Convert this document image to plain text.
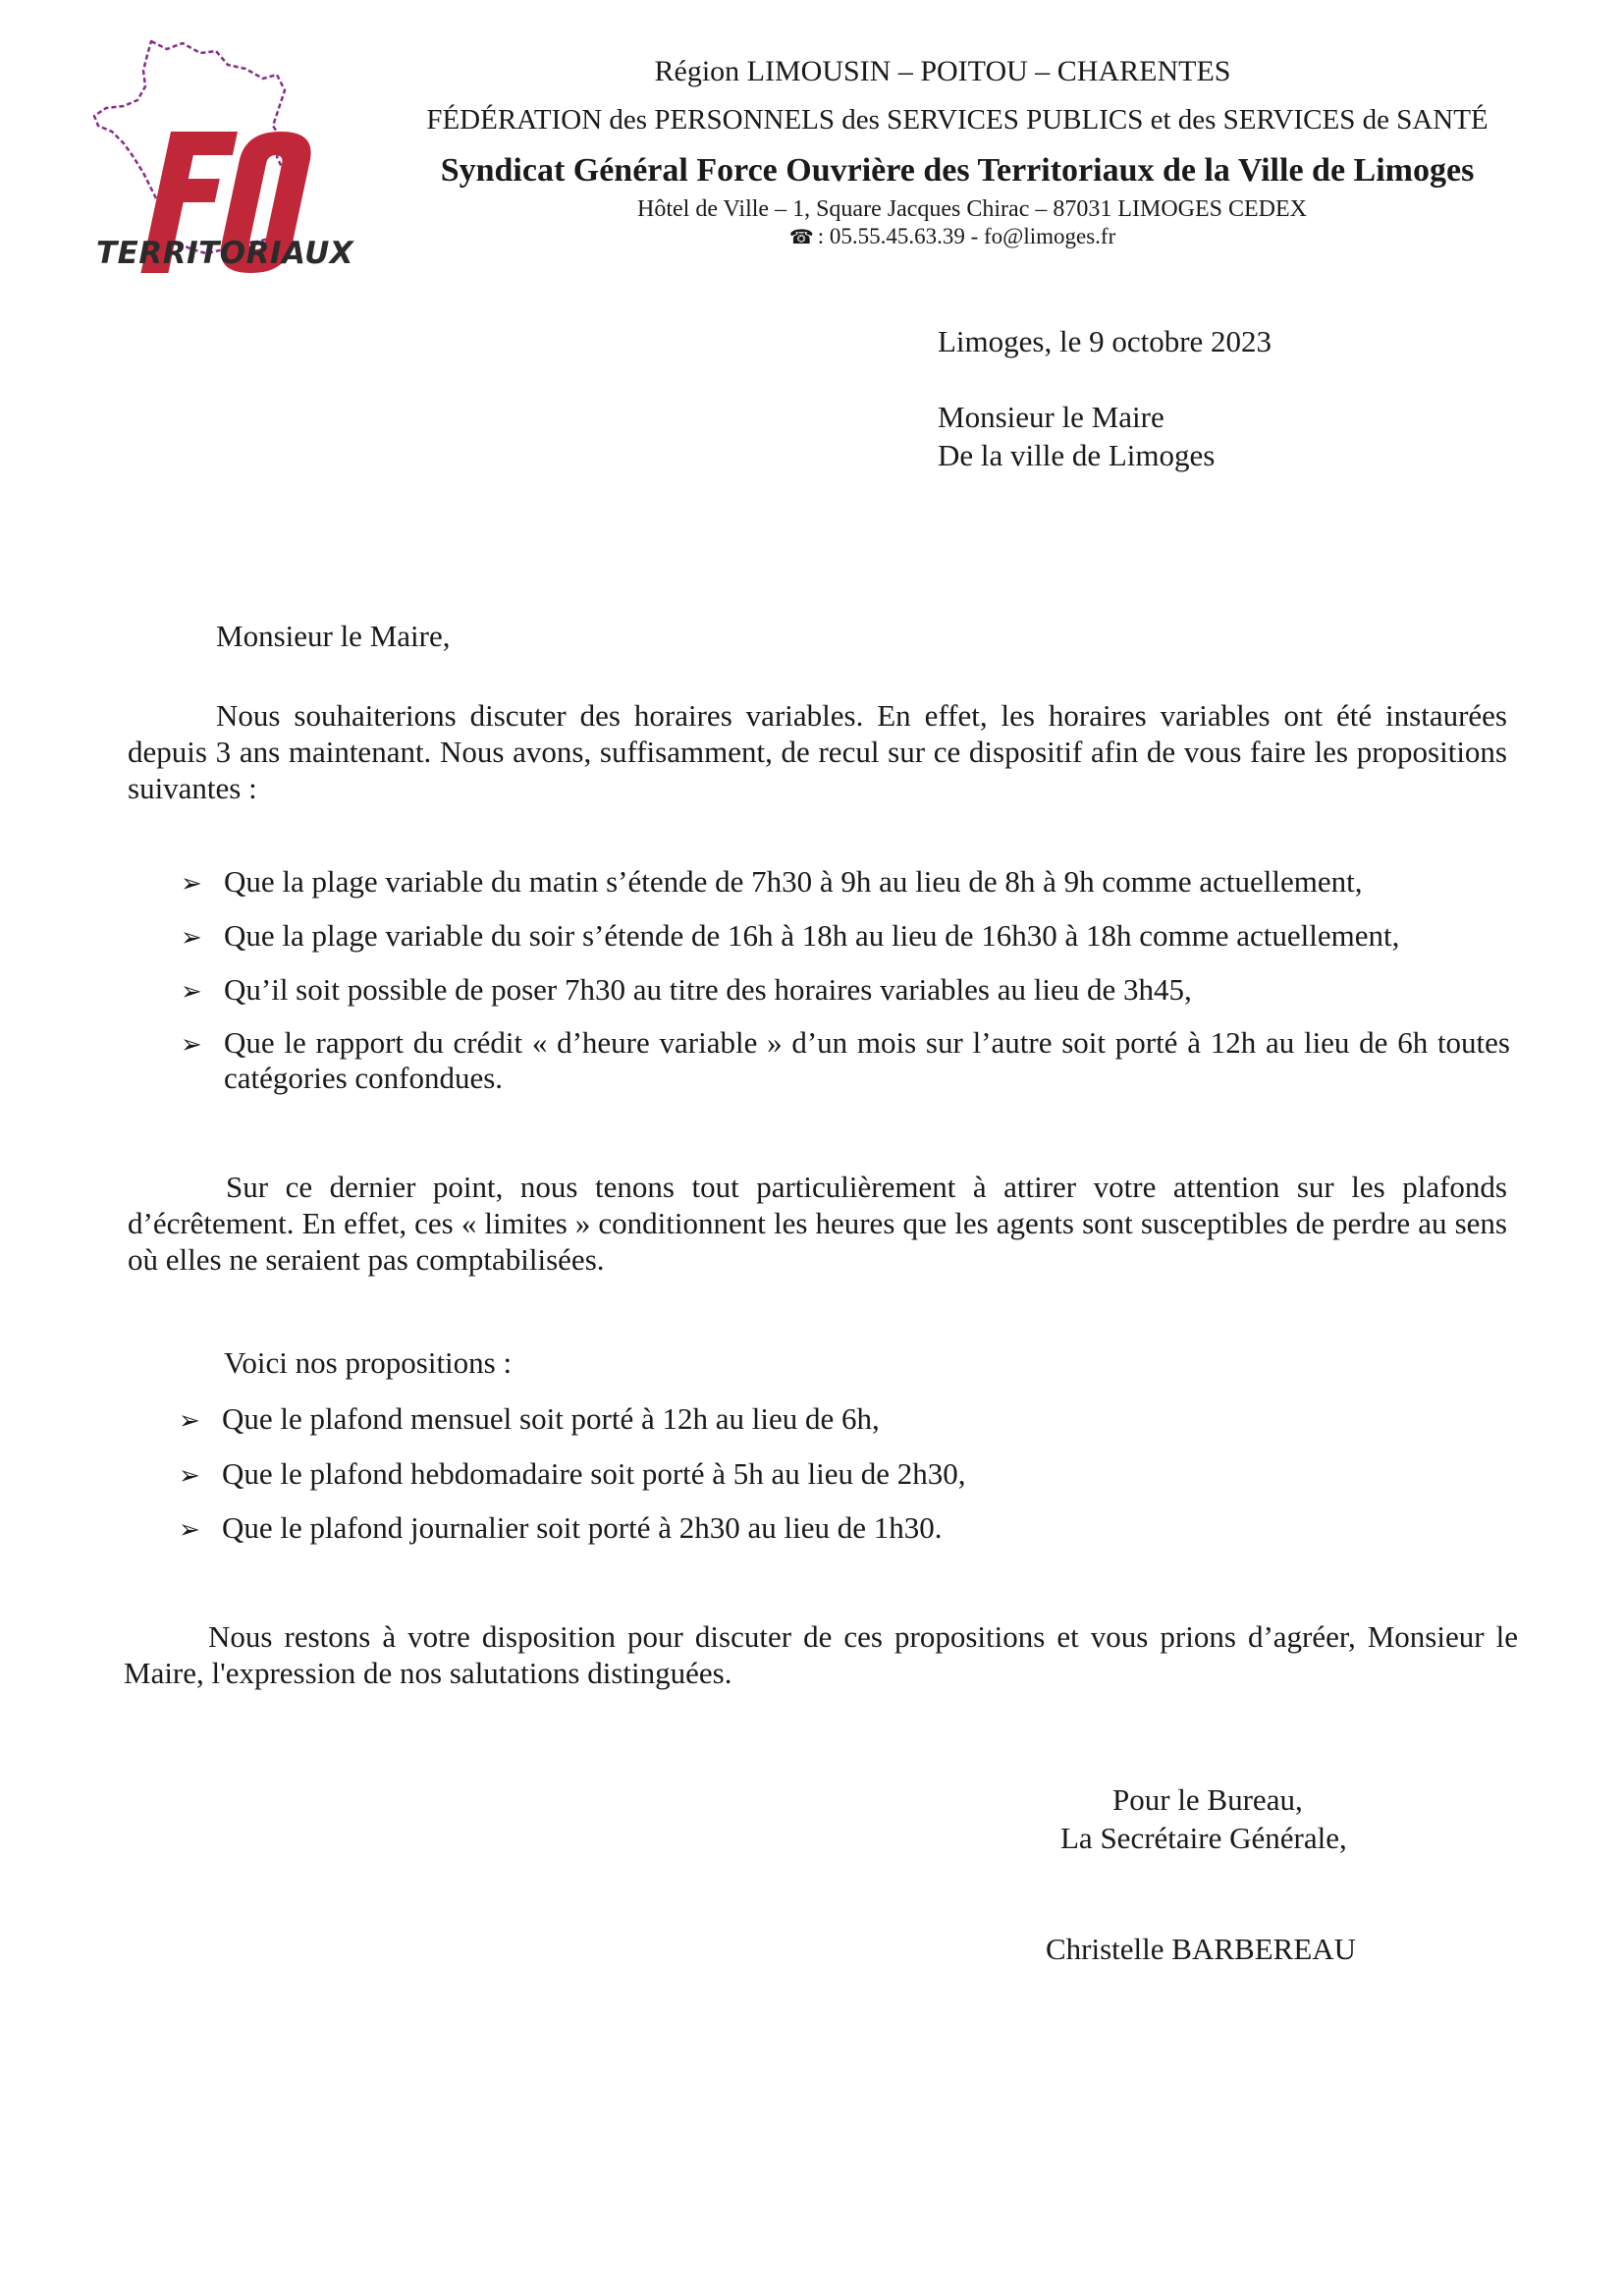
TERRITORIAUX
Région LIMOUSIN – POITOU – CHARENTES
FÉDÉRATION des PERSONNELS des SERVICES PUBLICS et des SERVICES de SANTÉ
Syndicat Général Force Ouvrière des Territoriaux de la Ville de Limoges
Hôtel de Ville – 1, Square Jacques Chirac – 87031 LIMOGES CEDEX
☎ : 05.55.45.63.39 - fo@limoges.fr
Limoges, le 9 octobre 2023
Monsieur le Maire
De la ville de Limoges
Monsieur le Maire,
Nous souhaiterions discuter des horaires variables. En effet, les horaires variables ont été instaurées depuis 3 ans maintenant. Nous avons, suffisamment, de recul sur ce dispositif afin de vous faire les propositions suivantes :
➢ Que la plage variable du matin s’étende de 7h30 à 9h au lieu de 8h à 9h comme actuellement,
➢ Que la plage variable du soir s’étende de 16h à 18h au lieu de 16h30 à 18h comme actuellement,
➢ Qu’il soit possible de poser 7h30 au titre des horaires variables au lieu de 3h45,
➢ Que le rapport du crédit « d’heure variable » d’un mois sur l’autre soit porté à 12h au lieu de 6h toutes catégories confondues.
Sur ce dernier point, nous tenons tout particulièrement à attirer votre attention sur les plafonds d’écrêtement. En effet, ces « limites » conditionnent les heures que les agents sont susceptibles de perdre au sens où elles ne seraient pas comptabilisées.
Voici nos propositions :
➢ Que le plafond mensuel soit porté à 12h au lieu de 6h,
➢ Que le plafond hebdomadaire soit porté à 5h au lieu de 2h30,
➢ Que le plafond journalier soit porté à 2h30 au lieu de 1h30.
Nous restons à votre disposition pour discuter de ces propositions et vous prions d’agréer, Monsieur le Maire, l'expression de nos salutations distinguées.
Pour le Bureau,
La Secrétaire Générale,
Christelle BARBEREAU
